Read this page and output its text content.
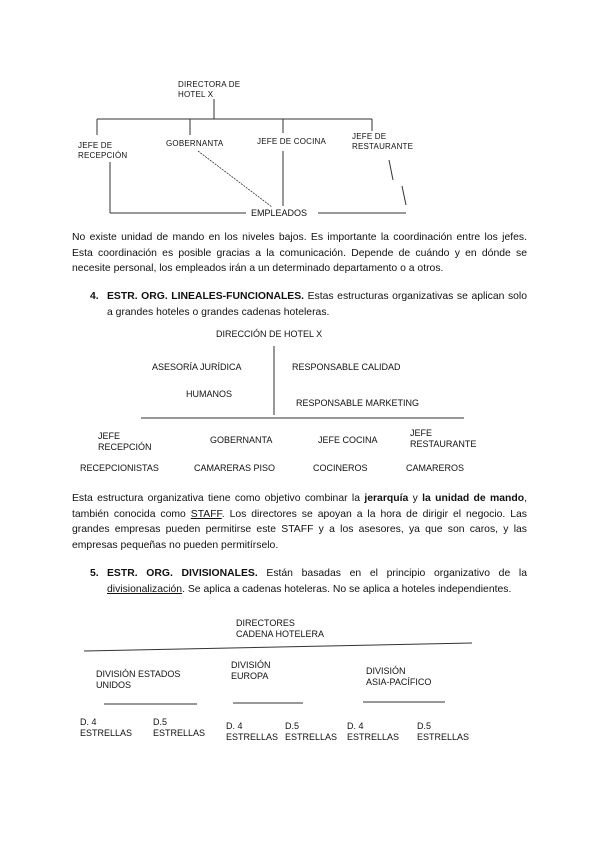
DIRECTORA DE
HOTEL X
JEFE DE
RECEPCIÓN
GOBERNANTA	JEFE DE COCINA
JEFE DE
RESTAURANTE
EMPLEADOS
No existe unidad de mando en los niveles bajos. Es importante la coordinación entre los jefes. Esta coordinación es posible gracias a la comunicación. Depende de cuándo y en dónde se necesite personal, los empleados irán a un determinado departamento o a otros.
4. ESTR. ORG. LINEALES-FUNCIONALES. Estas estructuras organizativas se aplican solo a grandes hoteles o grandes cadenas hoteleras.
DIRECCIÓN DE HOTEL X
ASESORÍA JURÍDICA
HUMANOS
RESPONSABLE CALIDAD
RESPONSABLE MARKETING
JEFE
RECEPCIÓN
GOBERNANTA	JEFE COCINA
JEFE
RESTAURANTE
RECEPCIONISTAS	CAMARERAS PISO	COCINEROS	CAMAREROS
Esta estructura organizativa tiene como objetivo combinar la jerarquía y la unidad de mando, también conocida como STAFF. Los directores se apoyan a la hora de dirigir el negocio. Las grandes empresas pueden permitirse este STAFF y a los asesores, ya que son caros, y las empresas pequeñas no pueden permitírselo.
5. ESTR. ORG. DIVISIONALES. Están basadas en el principio organizativo de la divisionalización. Se aplica a cadenas hoteleras. No se aplica a hoteles independientes.
DIRECTORES
CADENA HOTELERA
DIVISIÓN ESTADOS
UNIDOS
DIVISIÓN
EUROPA	DIVISIÓN
ASIA-PACÍFICO
D. 4
ESTRELLAS
D.5
ESTRELLAS
D. 4
ESTRELLAS
D.5
ESTRELLAS
D. 4
ESTRELLAS
D.5
ESTRELLAS
